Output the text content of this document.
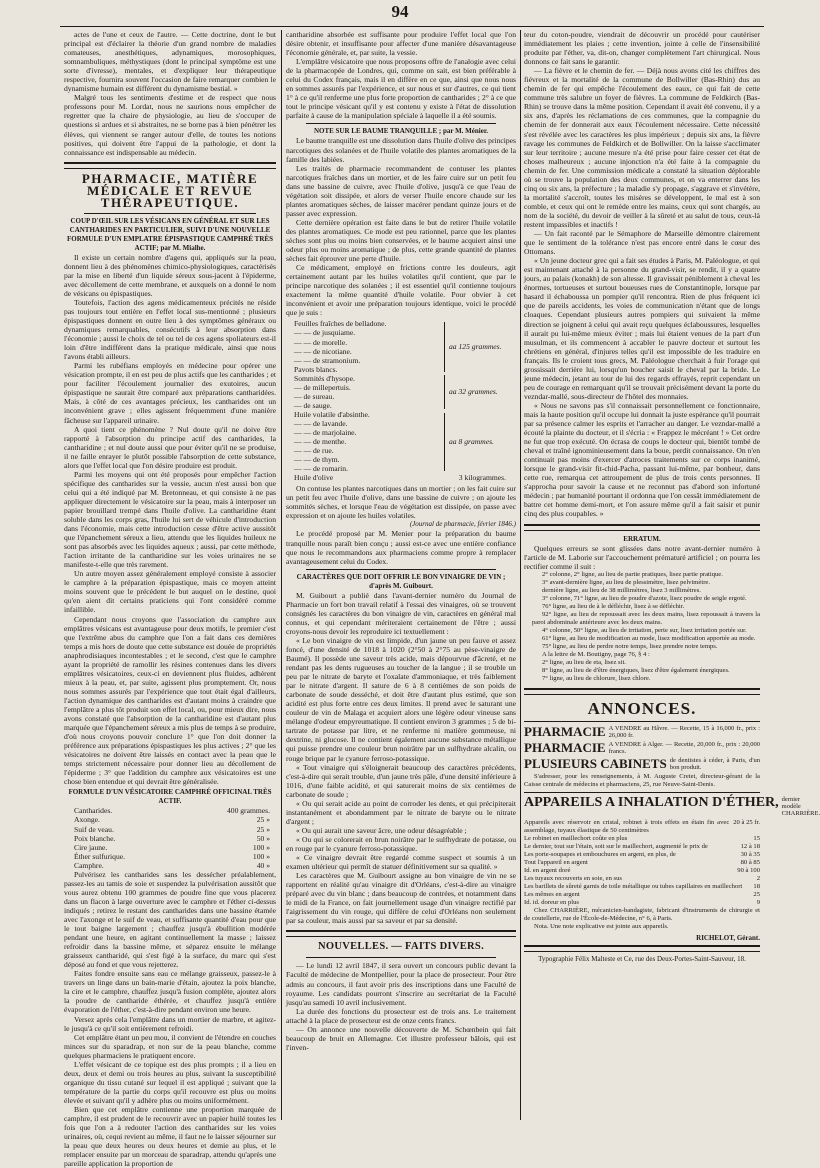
94

actes de l'une et ceux de l'autre. — Cette doctrine, dont le but principal est d'éclairer la théorie d'un grand nombre de maladies comateuses, anesthétiques, adynamiques, morosophiques, somnambuliques, méthystiques (dont le principal symptôme est une sorte d'ivresse), mentales, et d'expliquer leur thérapeutique respective, fournira souvent l'occasion de faire remarquer combien le dynamisme humain est différent du dynamisme bestial. »

Malgré tous les sentiments d'estime et de respect que nous professons pour M. Lordat, nous ne saurions nous empêcher de regretter que la chaire de physiologie, au lieu de s'occuper de questions si ardues et si abstraites, ne se borne pas à bien pénétrer les élèves, qui viennent se ranger autour d'elle, de toutes les notions positives, qui doivent être l'appui de la pathologie, et dont la connaissance est indispensable au médecin.

PHARMACIE, MATIÈRE MÉDICALE ET REVUE THÉRAPEUTIQUE.

COUP D'ŒIL SUR LES VÉSICANS EN GÉNÉRAL ET SUR LES CANTHARIDES EN PARTICULIER, SUIVI D'UNE NOUVELLE FORMULE D'UN EMPLATRE ÉPISPASTIQUE CAMPHRÉ TRÈS ACTIF; par M. Mialhe.

Il existe un certain nombre d'agens qui, appliqués sur la peau, donnent lieu à des phénomènes chimico-physiologiques, caractérisés par la mise en liberté d'un liquide séreux sous-jacent à l'épiderme, avec décollement de cette membrane, et auxquels on a donné le nom de vésicans ou épispastiques.

Toutefois, l'action des agens médicamenteux précités ne réside pas toujours tout entière en l'effet local sus-mentionné ; plusieurs épispastiques donnent en outre lieu à des symptômes généraux ou dynamiques remarquables, consécutifs à leur absorption dans l'économie ; aussi le choix de tel ou tel de ces agens spoliateurs est-il loin d'être indifférent dans la pratique médicale, ainsi que nous l'avons établi ailleurs.

Parmi les rubéfians employés en médecine pour opérer une vésication prompte, il en est peu de plus actifs que les cantharides ; et pour faciliter l'écoulement journalier des exutoires, aucun épispastique ne saurait être comparé aux préparations cantharidées. Mais, à côté de ces avantages précieux, les cantharides ont un inconvénient grave ; elles agissent fréquemment d'une manière fâcheuse sur l'appareil urinaire.

A quoi tient ce phénomène ? Nul doute qu'il ne doive être rapporté à l'absorption du principe actif des cantharides, la cantharidine ; et nul doute aussi que pour éviter qu'il ne se produise, il ne faille enrayer le plutôt possible l'absorption de cette substance, alors que l'effet local que l'on désire produire est produit.

Parmi les moyens qui ont été proposés pour empêcher l'action spécifique des cantharides sur la vessie, aucun n'est aussi bon que celui qui a été indiqué par M. Bretonneau, et qui consiste à ne pas appliquer directement le vésicatoire sur la peau, mais à interposer un papier brouillard trempé dans l'huile d'olive. La cantharidine étant soluble dans les corps gras, l'huile lui sert de véhicule d'introduction dans l'économie, mais cette introduction cesse d'être active aussitôt que l'épanchement séreux a lieu, attendu que les liquides huileux ne sont pas absorbés avec les liquides aqueux ; aussi, par cette méthode, l'action irritante de la cantharidine sur les voies urinaires ne se manifeste-t-elle que très rarement.

Un autre moyen assez généralement employé consiste à associer le camphre à la préparation épispastique, mais ce moyen atteint moins souvent que le précédent le but auquel on le destine, quoi qu'en aient dit certains praticiens qui l'ont considéré comme infaillible.

Cependant nous croyons que l'association du camphre aux emplâtres vésicans est avantageuse pour deux motifs, le premier c'est que l'extrême abus du camphre que l'on a fait dans ces dernières temps a mis hors de doute que cette substance est douée de propriétés anaphrodisiaques incontestables ; et le second, c'est que le camphre ayant la propriété de ramollir les résines contenues dans les divers emplâtres vésicatoires, ceux-ci en deviennent plus fluides, adhèrent mieux à la peau, et, par suite, agissent plus promptement. Or, nous nous sommes assurés par l'expérience que tout était égal d'ailleurs, l'action dynamique des cantharides est d'autant moins à craindre que l'emplâtre a plus tôt produit son effet local, ou, pour mieux dire, nous avons constaté que l'absorption de la cantharidine est d'autant plus marquée que l'épanchement séreux a mis plus de temps à se produire, d'où nous croyons pouvoir conclure 1° que l'on doit donner la préférence aux préparations épispastiques les plus actives ; 2° que les vésicatoires ne doivent être laissés en contact avec la peau que le temps strictement nécessaire pour donner lieu au décollement de l'épiderme ; 3° que l'addition du camphre aux vésicatoires est une chose bien entendue et qui devrait être généralisée.

FORMULE D'UN VÉSICATOIRE CAMPHRÉ OFFICINAL TRÈS ACTIF.

Cantharides.	400 grammes.
Axonge.	25 »
Suif de veau.	25 »
Poix blanche.	50 »
Cire jaune.	100 »
Éther sulfurique.	100 »
Camphre.	40 »

Pulvérisez les cantharides sans les dessécher préalablement, passez-les au tamis de soie et suspendez la pulvérisation aussitôt que vous aurez obtenu 100 grammes de poudre fine que vous placerez dans un flacon à large ouverture avec le camphre et l'éther ci-dessus indiqués ; retirez le restant des cantharides dans une bassine étamée avec l'axonge et le suif de veau, et suffisante quantité d'eau pour que le tout baigne largement ; chauffez jusqu'à ébullition modérée pendant une heure, en agitant continuellement la masse ; laissez refroidir dans la bassine même, et séparez ensuite le mélange graisseux cantharidé, qui s'est figé à la surface, du marc qui s'est déposé au fond et que vous rejetterez.

Faites fondre ensuite sans eau ce mélange graisseux, passez-le à travers un linge dans un bain-marie d'étain, ajoutez la poix blanche, la cire et le camphre, chauffez jusqu'à fusion complète, ajoutez alors la poudre de cantharide éthérée, et chauffez jusqu'à entière évaporation de l'éther, c'est-à-dire pendant environ une heure.

Versez après cela l'emplâtre dans un mortier de marbre, et agitez-le jusqu'à ce qu'il soit entièrement refroidi.

Cet emplâtre étant un peu mou, il convient de l'étendre en couches minces sur du sparadrap, et non sur de la peau blanche, comme quelques pharmaciens le pratiquent encore.

L'effet vésicant de ce topique est des plus prompts ; il a lieu en deux, deux et demi ou trois heures au plus, suivant la susceptibilité organique du tissu cutané sur lequel il est appliqué ; suivant que la température de la partie du corps qu'il recouvre est plus ou moins élevée et suivant qu'il y adhère plus ou moins uniformément.

Bien que cet emplâtre contienne une proportion marquée de camphre, il est prudent de le recouvrir avec un papier huilé toutes les fois que l'on a à redouter l'action des cantharides sur les voies urinaires, où, cequi revient au même, il faut ne le laisser séjourner sur la peau que deux heures ou deux heures et demie au plus, et le remplacer ensuite par un morceau de sparadrap, attendu qu'après une pareille application la proportion de

cantharidine absorbée est suffisante pour produire l'effet local que l'on désire obtenir, et insuffisante pour affecter d'une manière désavantageuse l'économie générale, et, par suite, la vessie.

L'emplâtre vésicatoire que nous proposons offre de l'analogie avec celui de la pharmacopée de Londres, qui, comme on sait, est bien préférable à celui du Codex français, mais il en diffère en ce que, ainsi que nous nous en sommes assurés par l'expérience, et sur nous et sur d'autres, ce qui tient 1° à ce qu'il renferme une plus forte proportion de cantharides ; 2° à ce que tout le principe vésicant qu'il y est contenu y existe à l'état de dissolution parfaite à cause de la manipulation spéciale à laquelle il a été soumis.

NOTE SUR LE BAUME TRANQUILLE ; par M. Ménier.

Le baume tranquille est une dissolution dans l'huile d'olive des principes narcotiques des solanées et de l'huile volatile des plantes aromatiques de la famille des labiées.

Les traités de pharmacie recommandent de contuser les plantes narcotiques fraîches dans un mortier, et de les faire cuire sur un petit feu dans une bassine de cuivre, avec l'huile d'olive, jusqu'à ce que l'eau de végétation soit dissipée, et alors de verser l'huile encore chaude sur les plantes aromatiques sèches, de laisser macérer pendant quinze jours et de passer avec expression.

Cette dernière opération est faite dans le but de retirer l'huile volatile des plantes aromatiques. Ce mode est peu rationnel, parce que les plantes sèches sont plus ou moins bien conservées, et le baume acquiert ainsi une odeur plus ou moins aromatique ; de plus, cette grande quantité de plantes sèches fait éprouver une perte d'huile.

Ce médicament, employé en frictions contre les douleurs, agit certainement autant par les huiles volatiles qu'il contient, que par le principe narcotique des solanées ; il est essentiel qu'il contienne toujours exactement la même quantité d'huile volatile. Pour obvier à cet inconvénient et avoir une préparation toujours identique, voici le procédé que je suis :

Feuilles fraîches de belladone.
— — de jusquiame.
— — de morelle.
— — de nicotiane.
— — de stramonium.
Pavots blancs.
aa 125 grammes.
Sommités d'hysope.
— de millepertuis.
— de sureau.
— de sauge.
aa 32 grammes.
Huile volatile d'absinthe.
— — de lavande.
— — de marjolaine.
— — de menthe.
— — de rue.
— — de thym.
— — de romarin.
aa 8 grammes.
Huile d'olive	3 kilogrammes.

On contuse les plantes narcotiques dans un mortier ; on les fait cuire sur un petit feu avec l'huile d'olive, dans une bassine de cuivre ; on ajoute les sommités sèches, et lorsque l'eau de végétation est dissipée, on passe avec expression et on ajoute les huiles volatiles.

(Journal de pharmacie, février 1846.)

Le procédé proposé par M. Menier pour la préparation du baume tranquille nous paraît bien conçu ; aussi est-ce avec une entière confiance que nous le recommandons aux pharmaciens comme propre à remplacer avantageusement celui du Codex.

CARACTÈRES QUE DOIT OFFRIR LE BON VINAIGRE DE VIN ; d'après M. Guibourt.

M. Guibourt a publié dans l'avant-dernier numéro du Journal de Pharmacie un fort bon travail relatif à l'essai des vinaigres, où se trouvent consignés les caractères du bon vinaigre de vin, caractères en général mal connus, et qui cependant mériteraient certainement de l'être ; aussi croyons-nous devoir les reproduire ici textuellement :

« Le bon vinaigre de vin est limpide, d'un jaune un peu fauve et assez foncé, d'une densité de 1018 à 1020 (2°50 à 2°75 au pèse-vinaigre de Baumé). Il possède une saveur très acide, mais dépourvue d'âcreté, et ne rendant pas les dents rugueuses au toucher de la langue ; il se trouble un peu par le nitrate de baryte et l'oxalate d'ammoniaque, et très faiblement par le nitrate d'argent. Il sature de 6 à 8 centièmes de son poids de carbonate de soude desséché, et doit être d'autant plus estimé, que son acidité est plus forte entre ces deux limites. Il prend avec le saturant une couleur de vin de Malaga et acquiert alors une légère odeur vineuse sans mélange d'odeur empyreumatique. Il contient environ 3 grammes ; 5 de bi-tartrate de potasse par litre, et ne renferme ni matière gommeuse, ni dextrine, ni glucose. Il ne contient également aucune substance métallique qui puisse prendre une couleur brun noirâtre par un sulfhydrate alcalin, ou rouge brique par le cyanure ferroso-potassique.

« Tout vinaigre qui s'éloignerait beaucoup des caractères précédents, c'est-à-dire qui serait trouble, d'un jaune très pâle, d'une densité inférieure à 1016, d'une faible acidité, et qui saturerait moins de six centièmes de carbonate de soude ;

« Ou qui serait acide au point de corroder les dents, et qui précipiterait instantanément et abondamment par le nitrate de baryte ou le nitrate d'argent ;

« Ou qui aurait une saveur âcre, une odeur désagréable ;

« Ou qui se colorerait en brun noirâtre par le sulfhydrate de potasse, ou en rouge par le cyanure ferroso-potassique.

« Ce vinaigre devrait être regardé comme suspect et soumis à un examen ultérieur qui permît de statuer définitivement sur sa qualité. »

Les caractères que M. Guibourt assigne au bon vinaigre de vin ne se rapportent en réalité qu'au vinaigre dit d'Orléans, c'est-à-dire au vinaigre préparé avec du vin blanc ; dans beaucoup de contrées, et notamment dans le midi de la France, on fait journellement usage d'un vinaigre rectifié par l'aigrissement du vin rouge, qui diffère de celui d'Orléans non seulement par sa couleur, mais aussi par sa saveur et par sa densité.

NOUVELLES. — FAITS DIVERS.

— Le lundi 12 avril 1847, il sera ouvert un concours public devant la Faculté de médecine de Montpellier, pour la place de prosecteur. Pour être admis au concours, il faut avoir pris des inscriptions dans une Faculté de royaume. Les candidats pourront s'inscrire au secrétariat de la Faculté jusqu'au samedi 10 avril inclusivement.

La durée des fonctions du prosecteur est de trois ans. Le traitement attaché à la place de prosecteur est de onze cents francs.

— On annonce une nouvelle découverte de M. Schœnbein qui fait beaucoup de bruit en Allemagne. Cet illustre professeur bâlois, qui est l'inven-

teur du coton-poudre, viendrait de découvrir un procédé pour cautériser immédiatement les plaies ; cette invention, jointe à celle de l'insensibilité produite par l'éther, va, dit-on, changer complètement l'art chirurgical. Nous donnons ce fait sans le garantir.

— La fièvre et le chemin de fer. — Déjà nous avons cité les chiffres des fiévreux et la mortalité de la commune de Bollwiller (Bas-Rhin) dus au chemin de fer qui empêche l'écoulement des eaux, ce qui fait de cette commune très salubre un foyer de fièvres. La commune de Feldkirch (Bas-Rhin) se trouve dans la même position. Cependant il avait été convenu, il y a six ans, d'après les réclamations de ces communes, que la compagnie du chemin de fer donnerait aux eaux l'écoulement nécessaire. Cette nécessité s'est révélée avec les caractères les plus impérieux ; depuis six ans, la fièvre ravage les communes de Feldkirch et de Bollwiller. On la laisse s'acclimater sur leur territoire ; aucune mesure n'a été prise pour faire cesser cet état de choses malheureux ; aucune injonction n'a été faite à la compagnie du chemin de fer. Une commission médicale a constaté la situation déplorable où se trouve la population des deux communes, et on va enterrer dans les cinq ou six ans, la préfecture ; la maladie s'y propage, s'aggrave et s'invétère, la mortalité s'accroît, toutes les misères se développent, le mal est à son comble, et ceux qui ont le remède entre les mains, ceux qui sont chargés, au nom de la société, du devoir de veiller à la sûreté et au salut de tous, ceux-là restent impassibles et inactifs !

— Un fait raconté par le Sémaphore de Marseille démontre clairement que le sentiment de la tolérance n'est pas encore entré dans le cœur des Ottomans.

« Un jeune docteur grec qui a fait ses études à Paris, M. Paléologue, et qui est maintenant attaché à la personne du grand-visir, se rendit, il y a quatre jours, au palais (konakh) de son altesse. Il gravissait péniblement à cheval les énormes, tortueuses et surtout boueuses rues de Constantinople, lorsque par hasard il échaboussa un pompier qu'il rencontra. Rien de plus fréquent ici que de pareils accidents, les voies de communication n'étant que de longs cloaques. Cependant plusieurs autres pompiers qui suivaient la même direction se joignent à celui qui avait reçu quelques éclaboussures, lesquelles il aurait pu lui-même mieux éviter ; mais lui étaient venues de la part d'un musulman, et ils commencent à accabler le pauvre docteur et surtout les chrétiens en général, d'injures telles qu'il est impossible de les traduire en français. Ils le croient tous grecs, M. Paléologue cherchait à fuir l'orage qui grossissait derrière lui, lorsqu'un boucher saisit le cheval par la bride. Le jeune médecin, jetant au tour de lui des regards effrayés, reprit cependant un peu de courage en remarquant qu'il se trouvait précisément devant la porte du vezndar-mallé, sous-directeur de l'hôtel des monnaies.

« Nous ne savons pas s'il connaissait personnellement ce fonctionnaire, mais la haute position qu'il occupe lui donnait la juste espérance qu'il pourrait par sa présence calmer les esprits et l'arracher au danger. Le vezndar-mallé a écouté la plainte du docteur, et il s'écria : « Frappez le mécréant ! » Cet ordre ne fut que trop exécuté. On écrasa de coups le docteur qui, bientôt tombé de cheval et traîné ignominieusement dans la boue, perdit connaissance. On n'en continuait pas moins d'exercer d'atroces traitements sur ce corps inanimé, lorsque le grand-visir fit-chid-Pacha, passant lui-même, par bonheur, dans cette rue, remarqua cet attroupement de plus de trois cents personnes. Il s'approcha pour savoir la cause et ne reconnut pas d'abord son infortuné médecin ; par humanité pourtant il ordonna que l'on cessât immédiatement de battre cet homme demi-mort, et l'on assure même qu'il a fait saisir et punir cinq des plus coupables. »

ERRATUM.

Quelques erreurs se sont glissées dans notre avant-dernier numéro à l'article de M. Laborie sur l'accouchement prématuré artificiel ; on pourra les rectifier comme il suit :

2° colonne, 2° ligne, au lieu de partie pratiques, lisez partie pratique.

3° avant-dernière ligne, au lieu de plessimètre, lisez pelvimètre.

dernière ligne, au lieu de 38 millimètres, lisez 3 millimètres.

3° colonne, 71° ligne, au lieu de poudre d'azote, lisez poudre de seigle ergoté.

76° ligne, au lieu de à le défléchir, lisez à se défléchir.

92° ligne, au lieu de repoussait avec les deux mains, lisez repoussait à travers la paroi abdominale antérieure avec les deux mains.

4° colonne, 50° ligne, au lieu de irritation, perte sur, lisez irritation portée sur.

61° ligne, au lieu de modification au mode, lisez modification apportée au mode.

75° ligne, au lieu de perdre notre temps, lisez prendre notre temps.

A la lettre de M. Boutigny, page 76, § 4 :

2° ligne, au lieu de eta, lisez sit.

8° ligne, au lieu de d'être énergiques, lisez d'être également énergiques.

7° ligne, au lieu de chlorure, lisez chlore.

ANNONCES.
PHARMACIE A VENDRE au Hâvre. — Recette, 15 à 16,000 fr., prix : 26,000 fr.
PHARMACIE A VENDRE à Alger. — Recette, 20,000 fr., prix : 20,000 francs.
PLUSIEURS CABINETS de dentistes à céder, à Paris, d'un bon produit.

S'adresser, pour les renseignements, à M. Auguste Cretet, directeur-gérant de la Caisse centrale de médecins et pharmaciens, 25, rue Neuve-Saint-Denis.

APPAREILS A INHALATION D'ÉTHER, dernier modèle CHARRIÈRE.
Appareils avec réservoir en cristal, robinet à trois effets en étain fin avec assemblage, tuyaux élastique de 50 centimètres
20 à 25 fr.
Le robinet en maillechort coûte en plus	15
Le dernier, tout sur l'étain, soit sur le maillechort, augmenté le prix de	12 à 18
Les porte-soupapes et embouchures en argent, en plus, de	30 à 35
Tout l'appareil en argent	80 à 85
Id. en argent doré	90 à 100
Les tuyaux recouverts en soie, en sus	2
Les barillets de sûreté garnis de toile métallique ou tubes capillaires en maillechort	18
Les mêmes en argent	25
Id. id. doreur en plus	9

Chez CHARRIÈRE, mécanicien-bandagiste, fabricant d'instruments de chirurgie et de coutellerie, rue de l'École-de-Médecine, n° 6, à Paris.

Nota. Une note explicative est jointe aux appareils.

RICHELOT, Gérant.
Typographie Félix Malteste et Ce, rue des Deux-Portes-Saint-Sauveur, 18.
